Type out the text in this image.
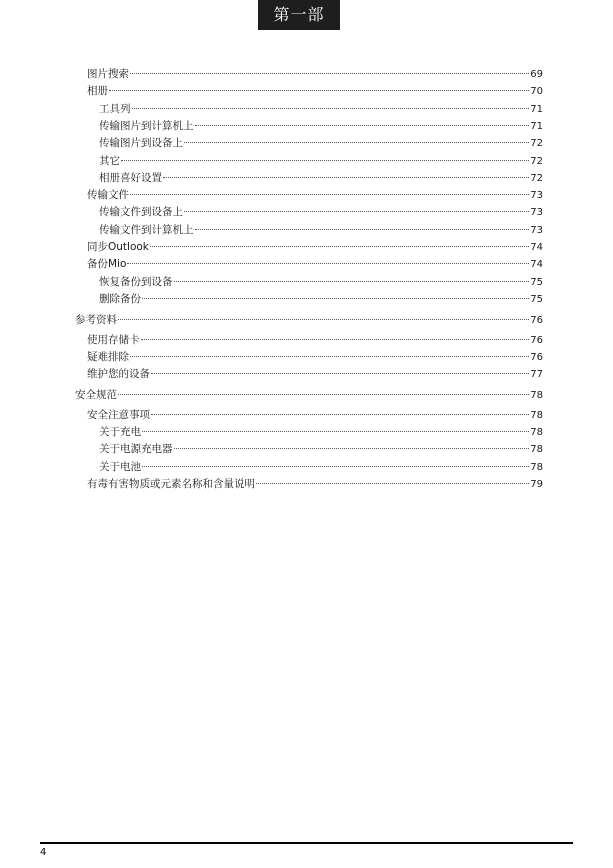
第一部
图片搜索	69
相册	70
工具列	71
传输图片到计算机上	71
传输图片到设备上	72
其它	72
相册喜好设置	72
传输文件	73
传输文件到设备上	73
传输文件到计算机上	73
同步Outlook	74
备份Mio	74
恢复备份到设备	75
删除备份	75
参考资料	76
使用存储卡	76
疑难排除	76
维护您的设备	77
安全规范	78
安全注意事项	78
关于充电	78
关于电源充电器	78
关于电池	78
有毒有害物质或元素名称和含量说明	79
4
